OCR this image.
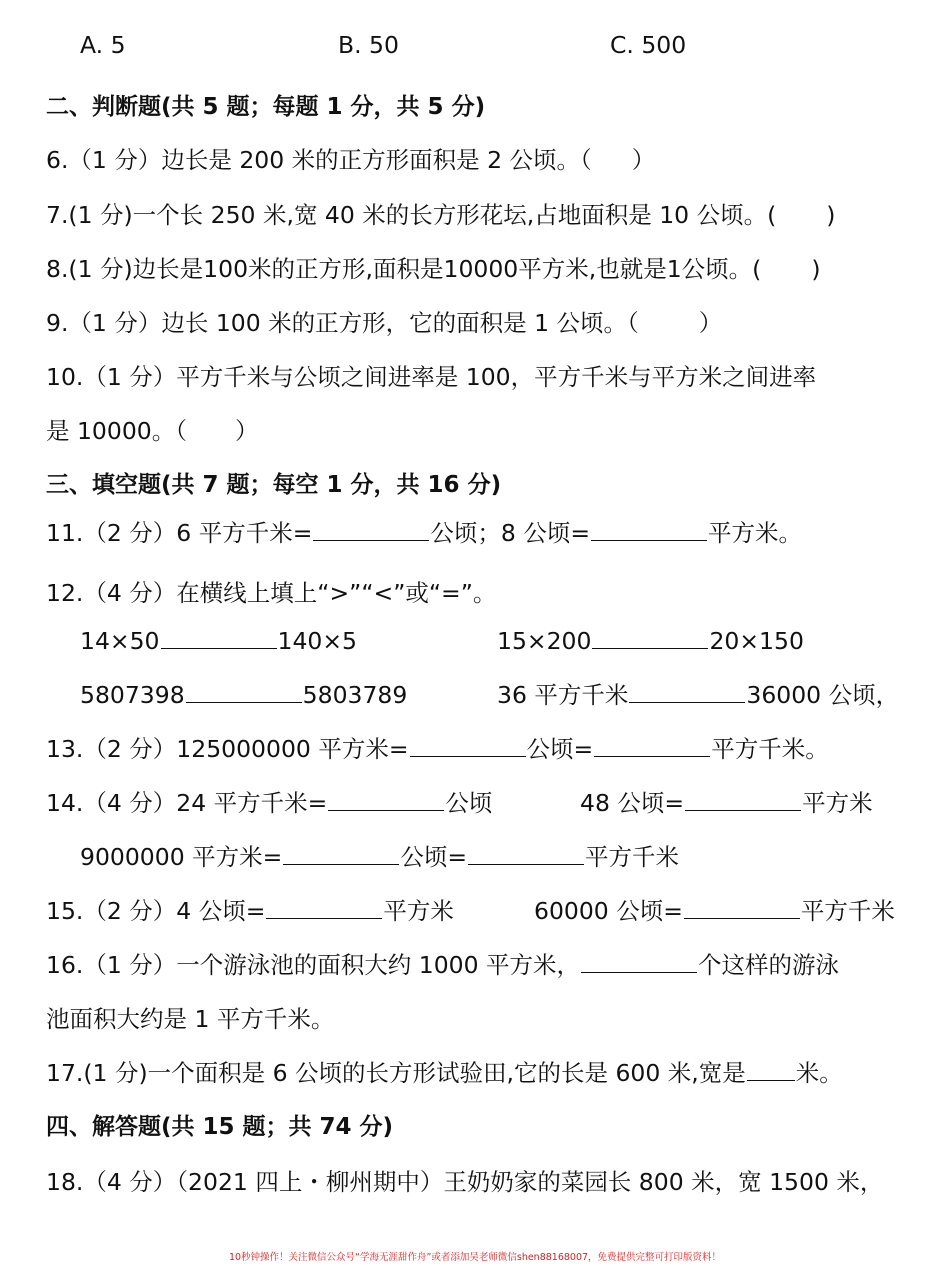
A. 5	B. 50	C. 500
二、判断题(共 5 题；每题 1 分，共 5 分)
6.（1 分）边长是 200 米的正方形面积是 2 公顷。（ ）
7.(1 分)一个长 250 米,宽 40 米的长方形花坛,占地面积是 10 公顷。( )
8.(1 分)边长是100米的正方形,面积是10000平方米,也就是1公顷。( )
9.（1 分）边长 100 米的正方形，它的面积是 1 公顷。（	）
10.（1 分）平方千米与公顷之间进率是 100，平方千米与平方米之间进率
是 10000。（ ）
三、填空题(共 7 题；每空 1 分，共 16 分)
11.（2 分）6 平方千米=	公顷；8 公顷=	平方米。
12.（4 分）在横线上填上“>”“<”或“=”。
14×50	140×5	15×200	20×150
5807398	5803789	36 平方千米	36000 公顷，
13.（2 分）125000000 平方米=	公顷=	平方千米。
14.（4 分）24 平方千米=	公顷	48 公顷=	平方米
9000000 平方米=	公顷=	平方千米
15.（2 分）4 公顷=	平方米	60000 公顷=	平方千米
16.（1 分）一个游泳池的面积大约 1000 平方米，	个这样的游泳
池面积大约是 1 平方千米。
17.(1 分)一个面积是 6 公顷的长方形试验田,它的长是 600 米,宽是 米。
四、解答题(共 15 题；共 74 分)
18.（4 分）（2021 四上・柳州期中）王奶奶家的菜园长 800 米，宽 1500 米，
10秒钟操作！关注微信公众号“学海无涯甜作舟”或者添加吴老师微信shen88168007，免费提供完整可打印版资料！
